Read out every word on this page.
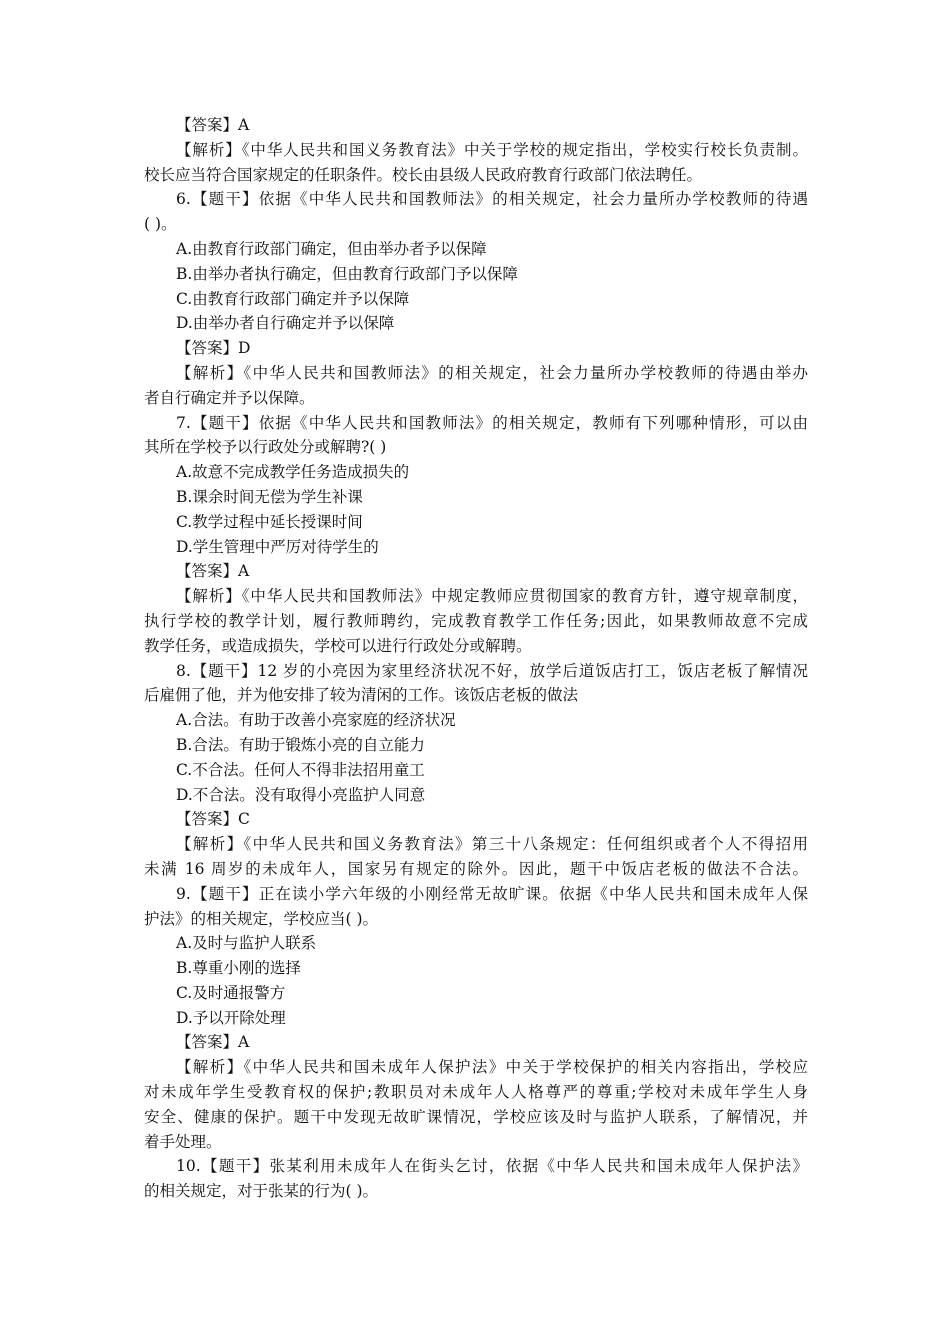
【答案】A
【解析】《中华人民共和国义务教育法》中关于学校的规定指出，学校实行校长负责制。
校长应当符合国家规定的任职条件。校长由县级人民政府教育行政部门依法聘任。
6.【题干】依据《中华人民共和国教师法》的相关规定，社会力量所办学校教师的待遇
( )。
A.由教育行政部门确定，但由举办者予以保障
B.由举办者执行确定，但由教育行政部门予以保障
C.由教育行政部门确定并予以保障
D.由举办者自行确定并予以保障
【答案】D
【解析】《中华人民共和国教师法》的相关规定，社会力量所办学校教师的待遇由举办
者自行确定并予以保障。
7.【题干】依据《中华人民共和国教师法》的相关规定，教师有下列哪种情形，可以由
其所在学校予以行政处分或解聘?( )
A.故意不完成教学任务造成损失的
B.课余时间无偿为学生补课
C.教学过程中延长授课时间
D.学生管理中严厉对待学生的
【答案】A
【解析】《中华人民共和国教师法》中规定教师应贯彻国家的教育方针，遵守规章制度，
执行学校的教学计划，履行教师聘约，完成教育教学工作任务;因此，如果教师故意不完成
教学任务，或造成损失，学校可以进行行政处分或解聘。
8.【题干】12 岁的小亮因为家里经济状况不好，放学后道饭店打工，饭店老板了解情况
后雇佣了他，并为他安排了较为清闲的工作。该饭店老板的做法
A.合法。有助于改善小亮家庭的经济状况
B.合法。有助于锻炼小亮的自立能力
C.不合法。任何人不得非法招用童工
D.不合法。没有取得小亮监护人同意
【答案】C
【解析】《中华人民共和国义务教育法》第三十八条规定：任何组织或者个人不得招用
未满 16 周岁的未成年人，国家另有规定的除外。因此，题干中饭店老板的做法不合法。
9.【题干】正在读小学六年级的小刚经常无故旷课。依据《中华人民共和国未成年人保
护法》的相关规定，学校应当( )。
A.及时与监护人联系
B.尊重小刚的选择
C.及时通报警方
D.予以开除处理
【答案】A
【解析】《中华人民共和国未成年人保护法》中关于学校保护的相关内容指出，学校应
对未成年学生受教育权的保护;教职员对未成年人人格尊严的尊重;学校对未成年学生人身
安全、健康的保护。题干中发现无故旷课情况，学校应该及时与监护人联系，了解情况，并
着手处理。
10.【题干】张某利用未成年人在街头乞讨，依据《中华人民共和国未成年人保护法》
的相关规定，对于张某的行为( )。
